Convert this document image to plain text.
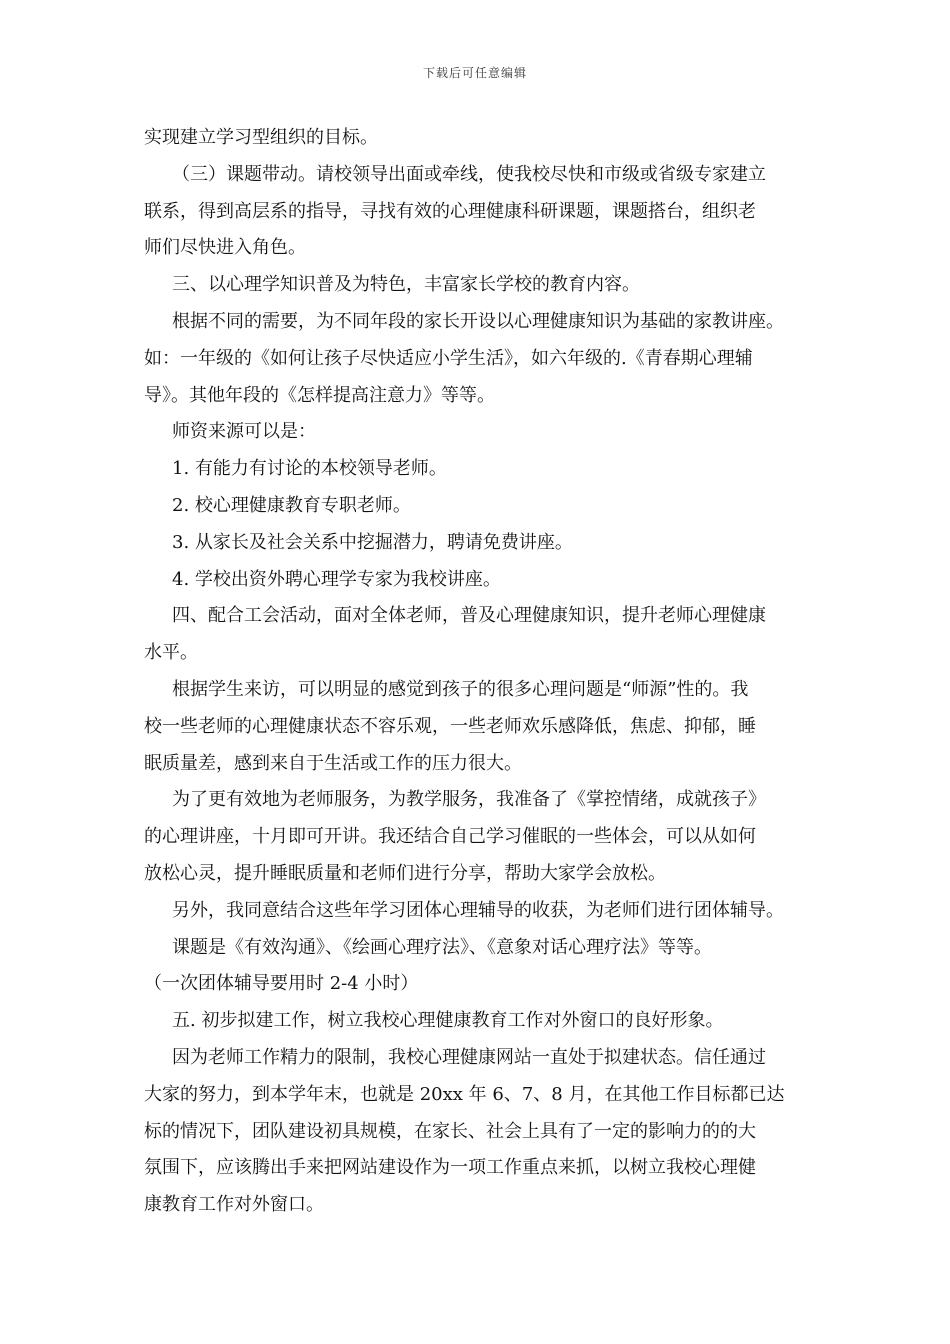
下载后可任意编辑
实现建立学习型组织的目标。
（三）课题带动。请校领导出面或牵线，使我校尽快和市级或省级专家建立
联系，得到高层系的指导，寻找有效的心理健康科研课题，课题搭台，组织老
师们尽快进入角色。
三、以心理学知识普及为特色，丰富家长学校的教育内容。
根据不同的需要，为不同年段的家长开设以心理健康知识为基础的家教讲座。
如：一年级的《如何让孩子尽快适应小学生活》，如六年级的.《青春期心理辅
导》。其他年段的《怎样提高注意力》等等。
师资来源可以是：
1. 有能力有讨论的本校领导老师。
2. 校心理健康教育专职老师。
3. 从家长及社会关系中挖掘潜力，聘请免费讲座。
4. 学校出资外聘心理学专家为我校讲座。
四、配合工会活动，面对全体老师，普及心理健康知识，提升老师心理健康
水平。
根据学生来访，可以明显的感觉到孩子的很多心理问题是“师源”性的。我
校一些老师的心理健康状态不容乐观，一些老师欢乐感降低，焦虑、抑郁，睡
眠质量差，感到来自于生活或工作的压力很大。
为了更有效地为老师服务，为教学服务，我准备了《掌控情绪，成就孩子》
的心理讲座，十月即可开讲。我还结合自己学习催眠的一些体会，可以从如何
放松心灵，提升睡眠质量和老师们进行分享，帮助大家学会放松。
另外，我同意结合这些年学习团体心理辅导的收获，为老师们进行团体辅导。
课题是《有效沟通》、《绘画心理疗法》、《意象对话心理疗法》等等。
（一次团体辅导要用时 2-4 小时）
五. 初步拟建工作，树立我校心理健康教育工作对外窗口的良好形象。
因为老师工作精力的限制，我校心理健康网站一直处于拟建状态。信任通过
大家的努力，到本学年末，也就是 20xx 年 6、7、8 月，在其他工作目标都已达
标的情况下，团队建设初具规模，在家长、社会上具有了一定的影响力的的大
氛围下，应该腾出手来把网站建设作为一项工作重点来抓，以树立我校心理健
康教育工作对外窗口。
